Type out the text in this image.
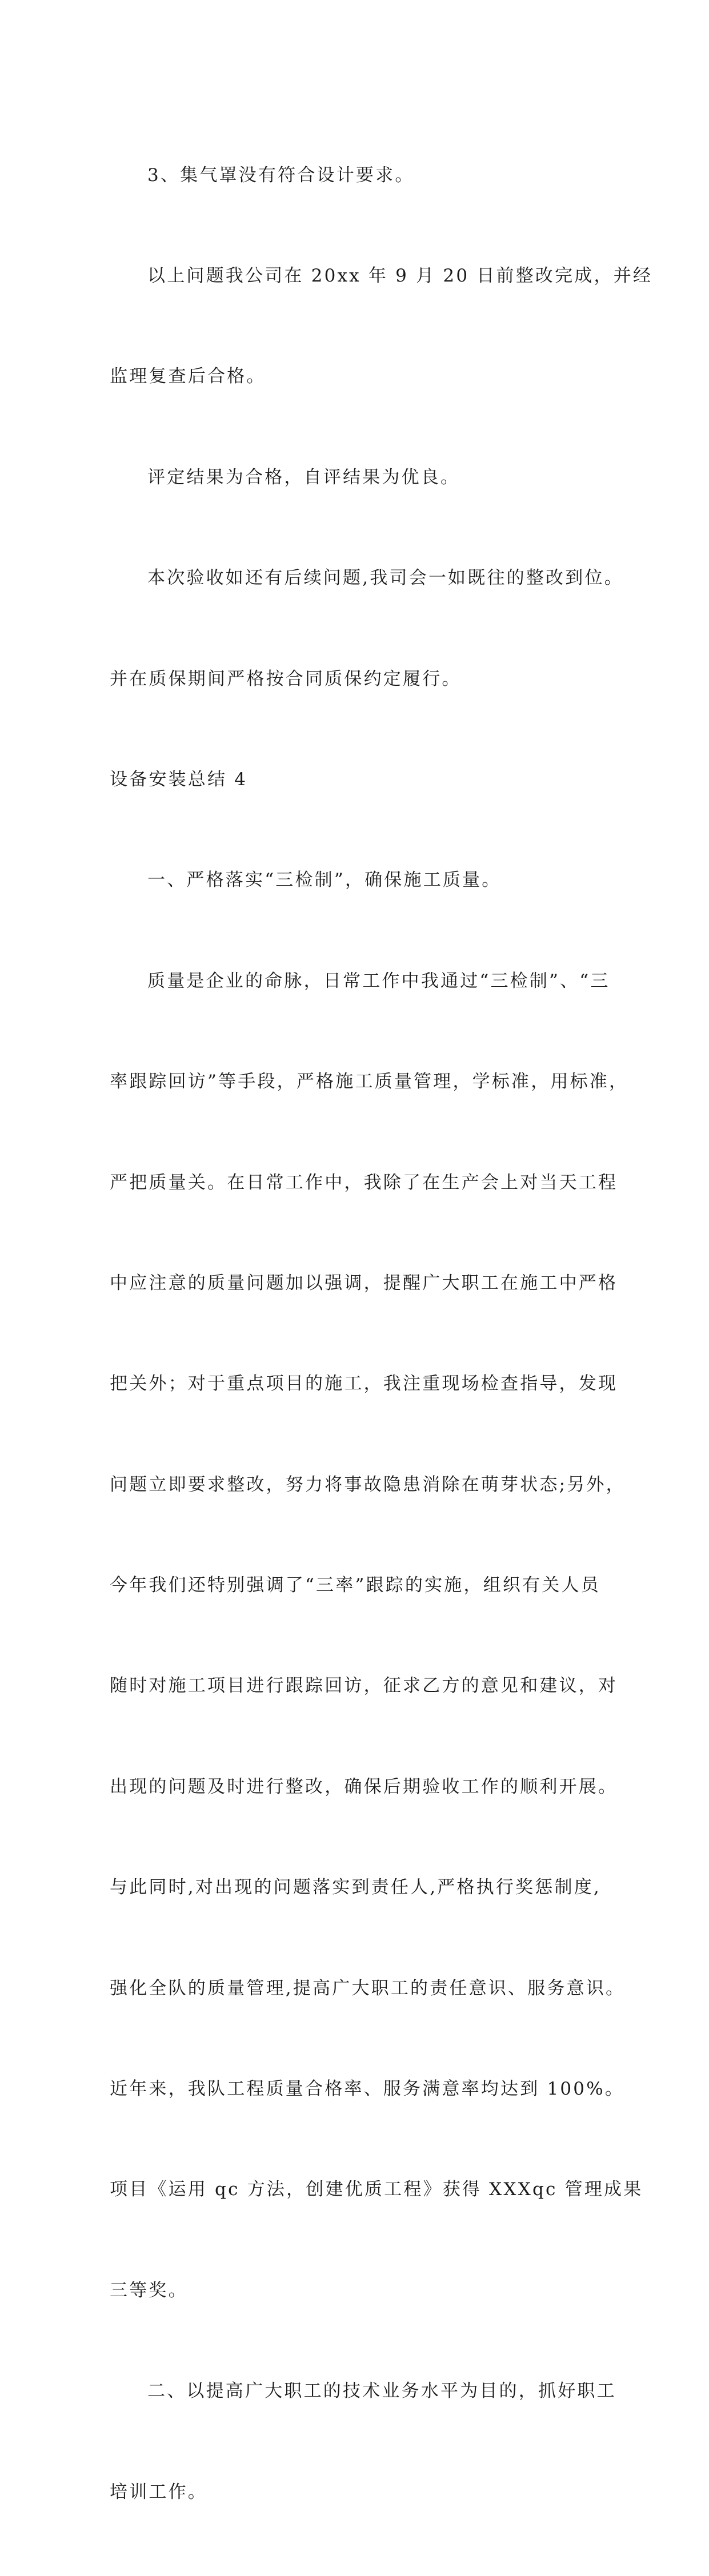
3、集气罩没有符合设计要求。

以上问题我公司在 20xx 年 9 月 20 日前整改完成，并经

监理复查后合格。

评定结果为合格，自评结果为优良。

本次验收如还有后续问题,我司会一如既往的整改到位。

并在质保期间严格按合同质保约定履行。

设备安装总结 4

一、严格落实“三检制”，确保施工质量。

质量是企业的命脉，日常工作中我通过“三检制”、“三

率跟踪回访”等手段，严格施工质量管理，学标准，用标准，

严把质量关。在日常工作中，我除了在生产会上对当天工程

中应注意的质量问题加以强调，提醒广大职工在施工中严格

把关外；对于重点项目的施工，我注重现场检查指导，发现

问题立即要求整改，努力将事故隐患消除在萌芽状态;另外，

今年我们还特别强调了“三率”跟踪的实施，组织有关人员

随时对施工项目进行跟踪回访，征求乙方的意见和建议，对

出现的问题及时进行整改，确保后期验收工作的顺利开展。

与此同时,对出现的问题落实到责任人,严格执行奖惩制度,

强化全队的质量管理,提高广大职工的责任意识、服务意识。

近年来，我队工程质量合格率、服务满意率均达到 100%。

项目《运用 qc 方法，创建优质工程》获得 XXXqc 管理成果

三等奖。

二、以提高广大职工的技术业务水平为目的，抓好职工

培训工作。
